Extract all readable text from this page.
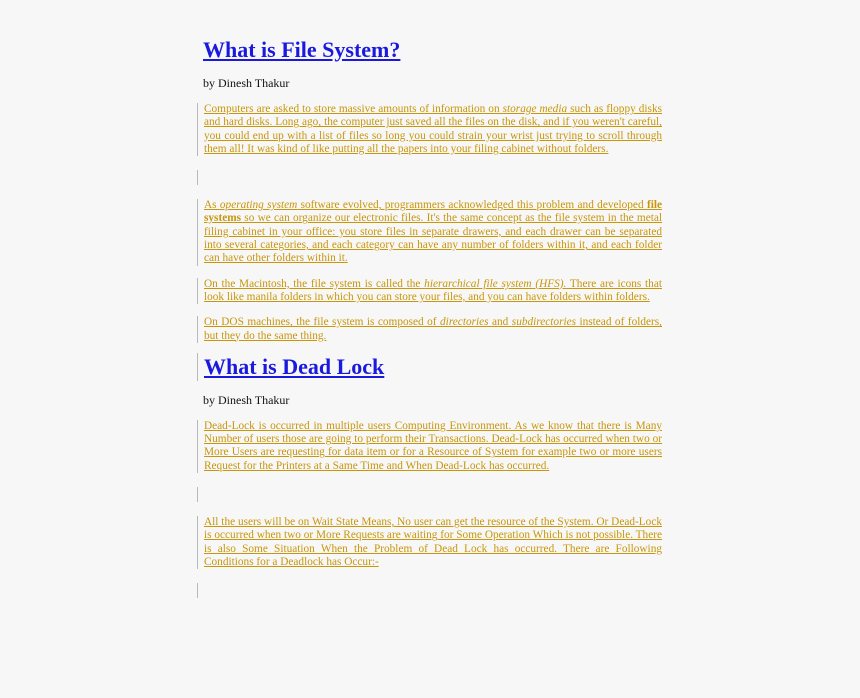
What is File System?
by Dinesh Thakur

Computers are asked to store massive amounts of information on storage media such as floppy disks and hard disks. Long ago, the computer just saved all the files on the disk, and if you weren't careful, you could end up with a list of files so long you could strain your wrist just trying to scroll through them all! It was kind of like putting all the papers into your filing cabinet without folders.

As operating system software evolved, programmers acknowledged this problem and developed file systems so we can organize our electronic files. It's the same concept as the file system in the metal filing cabinet in your office: you store files in separate drawers, and each drawer can be separated into several categories, and each category can have any number of folders within it, and each folder can have other folders within it.

On the Macintosh, the file system is called the hierarchical file system (HFS). There are icons that look like manila folders in which you can store your files, and you can have folders within folders.

On DOS machines, the file system is composed of directories and subdirectories instead of folders, but they do the same thing.

What is Dead Lock
by Dinesh Thakur

Dead-Lock is occurred in multiple users Computing Environment. As we know that there is Many Number of users those are going to perform their Transactions. Dead-Lock has occurred when two or More Users are requesting for data item or for a Resource of System for example two or more users Request for the Printers at a Same Time and When Dead-Lock has occurred.

All the users will be on Wait State Means, No user can get the resource of the System. Or Dead-Lock is occurred when two or More Requests are waiting for Some Operation Which is not possible. There is also Some Situation When the Problem of Dead Lock has occurred. There are Following Conditions for a Deadlock has Occur:-
